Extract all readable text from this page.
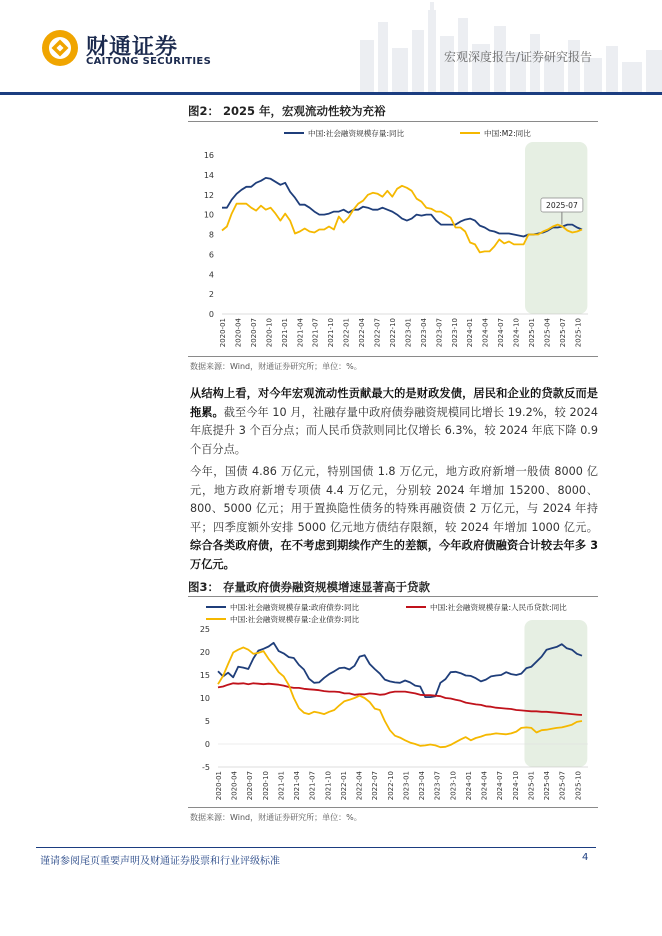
财通证券
CAITONG SECURITIES	宏观深度报告/证券研究报告
图2： 2025 年，宏观流动性较为充裕
0
2
4
6
8
10
12
14
16
2020-01 2020-04 2020-07 2020-10 2021-01 2021-04 2021-07 2021-10 2022-01 2022-04 2022-07 2022-10 2023-01 2023-04 2023-07 2023-10 2024-01 2024-04 2024-07 2024-10 2025-01 2025-04 2025-07 2025-10
中国:社会融资规模存量:同比	中国:M2:同比
2025-07
数据来源：Wind，财通证券研究所；单位：%。

从结构上看，对今年宏观流动性贡献最大的是财政发债，居民和企业的贷款反而是拖累。截至今年 10 月，社融存量中政府债券融资规模同比增长 19.2%，较 2024 年底提升 3 个百分点；而人民币贷款则同比仅增长 6.3%，较 2024 年底下降 0.9 个百分点。

今年，国债 4.86 万亿元，特别国债 1.8 万亿元，地方政府新增一般债 8000 亿元，地方政府新增专项债 4.4 万亿元，分别较 2024 年增加 15200、8000、800、5000 亿元；用于置换隐性债务的特殊再融资债 2 万亿元，与 2024 年持平；四季度额外安排 5000 亿元地方债结存限额，较 2024 年增加 1000 亿元。综合各类政府债，在不考虑到期续作产生的差额，今年政府债融资合计较去年多 3 万亿元。

图3： 存量政府债券融资规模增速显著高于贷款
-5
0
5
10
15
20
25
2020-01 2020-04 2020-07 2020-10 2021-01 2021-04 2021-07 2021-10 2022-01 2022-04 2022-07 2022-10 2023-01 2023-04 2023-07 2023-10 2024-01 2024-04 2024-07 2024-10 2025-01 2025-04 2025-07 2025-10
中国:社会融资规模存量:政府债券:同比	中国:社会融资规模存量:人民币贷款:同比
中国:社会融资规模存量:企业债券:同比
数据来源：Wind，财通证券研究所；单位：%。
谨请参阅尾页重要声明及财通证券股票和行业评级标准	4
